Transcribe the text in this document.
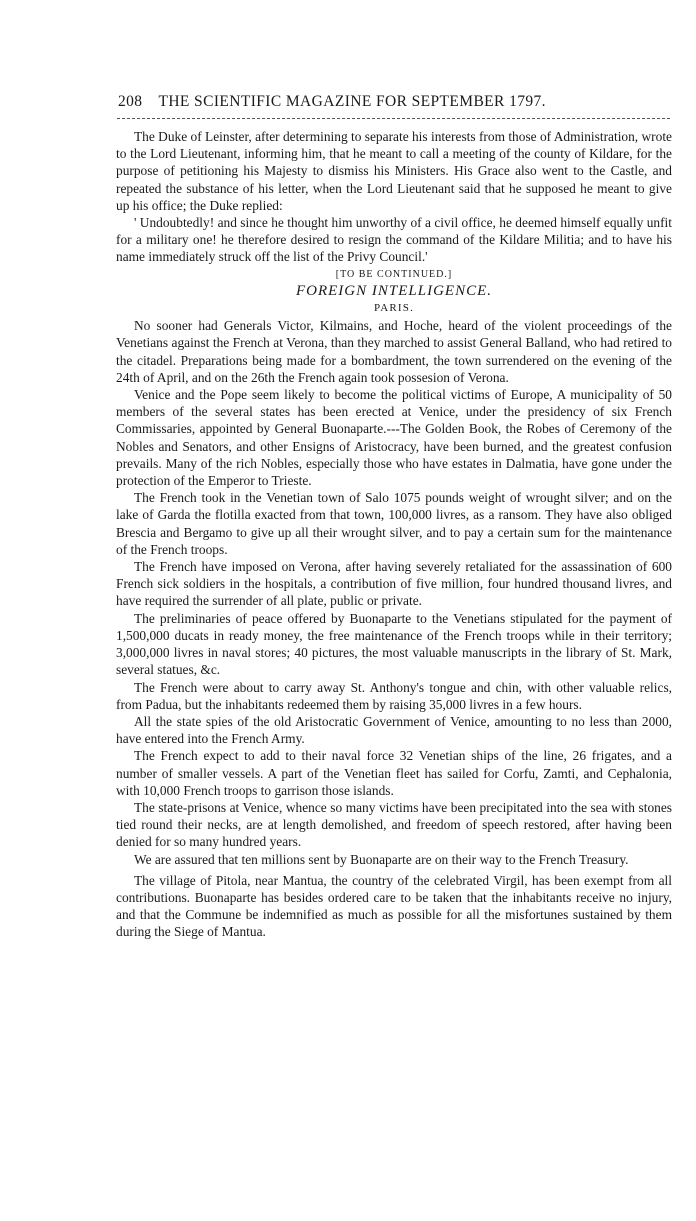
208 THE SCIENTIFIC MAGAZINE FOR SEPTEMBER 1797.

The Duke of Leinster, after determining to separate his interests from those of Administration, wrote to the Lord Lieutenant, informing him, that he meant to call a meeting of the county of Kildare, for the purpose of petitioning his Majesty to dismiss his Ministers. His Grace also went to the Castle, and repeated the substance of his letter, when the Lord Lieutenant said that he supposed he meant to give up his office; the Duke replied:

' Undoubtedly! and since he thought him unworthy of a civil office, he deemed himself equally unfit for a military one! he therefore desired to resign the command of the Kildare Militia; and to have his name immediately struck off the list of the Privy Council.'

[TO BE CONTINUED.]

FOREIGN INTELLIGENCE.

PARIS.

No sooner had Generals Victor, Kilmains, and Hoche, heard of the violent proceedings of the Venetians against the French at Verona, than they marched to assist General Balland, who had retired to the citadel. Preparations being made for a bombardment, the town surrendered on the evening of the 24th of April, and on the 26th the French again took possesion of Verona.

Venice and the Pope seem likely to become the political victims of Europe, A municipality of 50 members of the several states has been erected at Venice, under the presidency of six French Commissaries, appointed by General Buonaparte.---The Golden Book, the Robes of Ceremony of the Nobles and Senators, and other Ensigns of Aristocracy, have been burned, and the greatest confusion prevails. Many of the rich Nobles, especially those who have estates in Dalmatia, have gone under the protection of the Emperor to Trieste.

The French took in the Venetian town of Salo 1075 pounds weight of wrought silver; and on the lake of Garda the flotilla exacted from that town, 100,000 livres, as a ransom. They have also obliged Brescia and Bergamo to give up all their wrought silver, and to pay a certain sum for the maintenance of the French troops.

The French have imposed on Verona, after having severely retaliated for the assassination of 600 French sick soldiers in the hospitals, a contribution of five million, four hundred thousand livres, and have required the surrender of all plate, public or private.

The preliminaries of peace offered by Buonaparte to the Venetians stipulated for the payment of 1,500,000 ducats in ready money, the free maintenance of the French troops while in their territory; 3,000,000 livres in naval stores; 40 pictures, the most valuable manuscripts in the library of St. Mark, several statues, &c.

The French were about to carry away St. Anthony's tongue and chin, with other valuable relics, from Padua, but the inhabitants redeemed them by raising 35,000 livres in a few hours.

All the state spies of the old Aristocratic Government of Venice, amounting to no less than 2000, have entered into the French Army.

The French expect to add to their naval force 32 Venetian ships of the line, 26 frigates, and a number of smaller vessels. A part of the Venetian fleet has sailed for Corfu, Zamti, and Cephalonia, with 10,000 French troops to garrison those islands.

The state-prisons at Venice, whence so many victims have been precipitated into the sea with stones tied round their necks, are at length demolished, and freedom of speech restored, after having been denied for so many hundred years.

We are assured that ten millions sent by Buonaparte are on their way to the French Treasury.

The village of Pitola, near Mantua, the country of the celebrated Virgil, has been exempt from all contributions. Buonaparte has besides ordered care to be taken that the inhabitants receive no injury, and that the Commune be indemnified as much as possible for all the misfortunes sustained by them during the Siege of Mantua.
